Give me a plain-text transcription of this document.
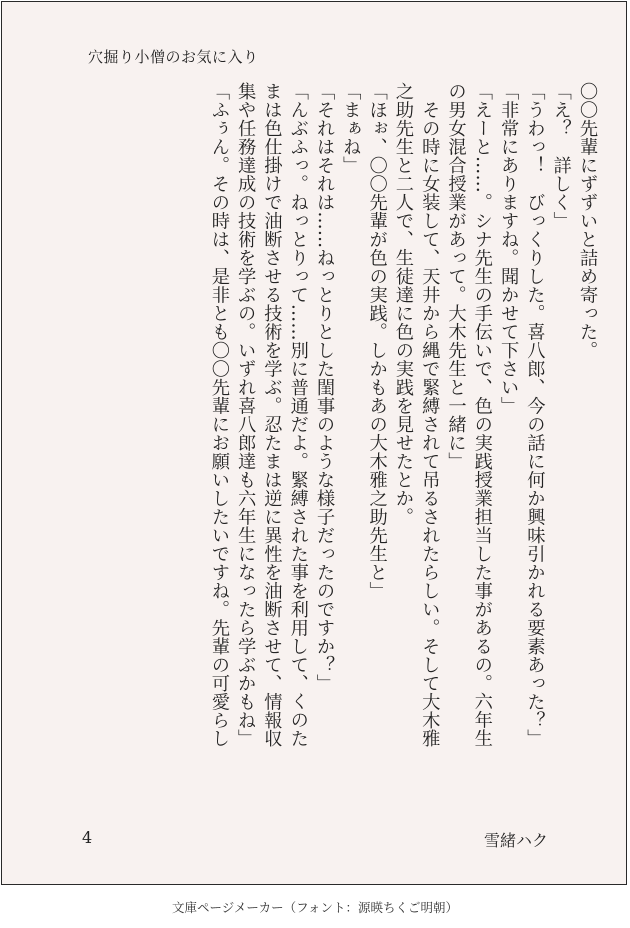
穴掘り小僧のお気に入り
〇〇先輩にずずいと詰め寄った。
「え？　詳しく」
「うわっ！　びっくりした。喜八郎、今の話に何か興味引かれる要素あった？」
「非常にありますね。聞かせて下さい」
「えーと……。シナ先生の手伝いで、色の実践授業担当した事があるの。六年生
の男女混合授業があって。大木先生と一緒に」
　その時に女装して、天井から縄で緊縛されて吊るされたらしい。そして大木雅
之助先生と二人で、生徒達に色の実践を見せたとか。
「ほぉ、〇〇先輩が色の実践。しかもあの大木雅之助先生と」
「まぁね」
「それはそれは……ねっとりとした閨事のような様子だったのですか？」
「んぶふっ。ねっとりって……別に普通だよ。緊縛された事を利用して、くのた
まは色仕掛けで油断させる技術を学ぶ。忍たまは逆に異性を油断させて、情報収
集や任務達成の技術を学ぶの。いずれ喜八郎達も六年生になったら学ぶかもね」
「ふぅん。その時は、是非とも〇〇先輩にお願いしたいですね。先輩の可愛らし
4	雪緒ハク
文庫ページメーカー（フォント：源暎ちくご明朝）
